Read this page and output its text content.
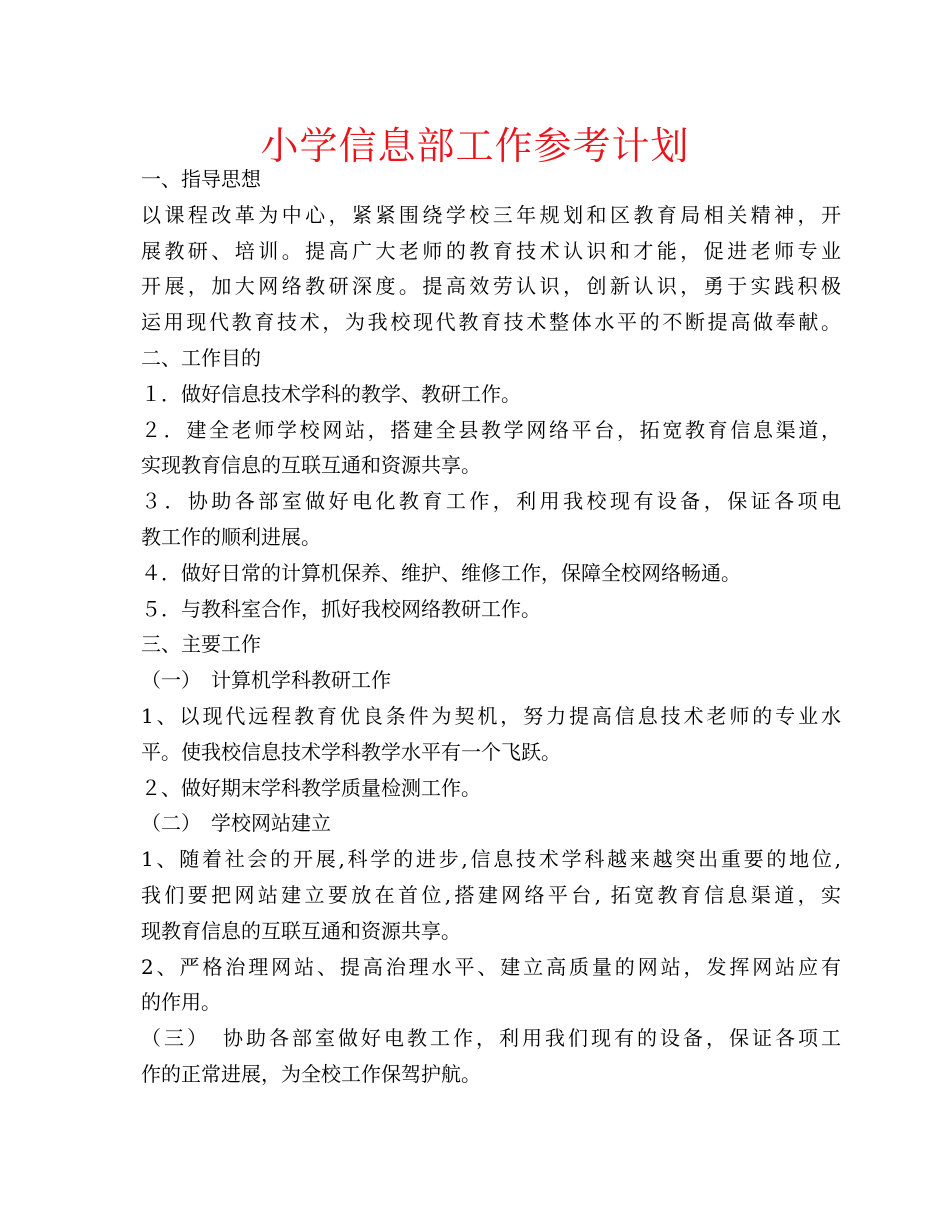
小学信息部工作参考计划
一、指导思想
以课程改革为中心，紧紧围绕学校三年规划和区教育局相关精神，开
展教研、培训。提高广大老师的教育技术认识和才能，促进老师专业
开展，加大网络教研深度。提高效劳认识，创新认识，勇于实践积极
运用现代教育技术，为我校现代教育技术整体水平的不断提高做奉献。
二、工作目的
１．做好信息技术学科的教学、教研工作。
２．建全老师学校网站，搭建全县教学网络平台，拓宽教育信息渠道，
实现教育信息的互联互通和资源共享。
３．协助各部室做好电化教育工作，利用我校现有设备，保证各项电
教工作的顺利进展。
４．做好日常的计算机保养、维护、维修工作，保障全校网络畅通。
５．与教科室合作，抓好我校网络教研工作。
三、主要工作
（一）　计算机学科教研工作
1、以现代远程教育优良条件为契机，努力提高信息技术老师的专业水
平。使我校信息技术学科教学水平有一个飞跃。
２、做好期末学科教学质量检测工作。
（二）　学校网站建立
1、随着社会的开展,科学的进步,信息技术学科越来越突出重要的地位,
我们要把网站建立要放在首位,搭建网络平台, 拓宽教育信息渠道，实
现教育信息的互联互通和资源共享。
2、严格治理网站、提高治理水平、建立高质量的网站，发挥网站应有
的作用。
（三）　协助各部室做好电教工作，利用我们现有的设备，保证各项工
作的正常进展，为全校工作保驾护航。
